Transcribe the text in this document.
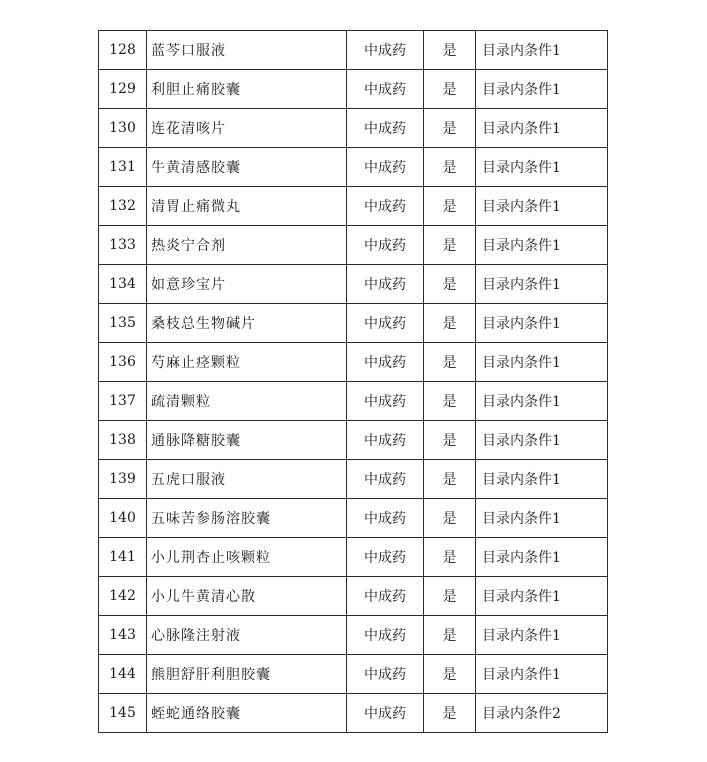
128	蓝芩口服液	中成药	是	目录内条件1
129	利胆止痛胶囊	中成药	是	目录内条件1
130	连花清咳片	中成药	是	目录内条件1
131	牛黄清感胶囊	中成药	是	目录内条件1
132	清胃止痛微丸	中成药	是	目录内条件1
133	热炎宁合剂	中成药	是	目录内条件1
134	如意珍宝片	中成药	是	目录内条件1
135	桑枝总生物碱片	中成药	是	目录内条件1
136	芍麻止痉颗粒	中成药	是	目录内条件1
137	疏清颗粒	中成药	是	目录内条件1
138	通脉降糖胶囊	中成药	是	目录内条件1
139	五虎口服液	中成药	是	目录内条件1
140	五味苦参肠溶胶囊	中成药	是	目录内条件1
141	小儿荆杏止咳颗粒	中成药	是	目录内条件1
142	小儿牛黄清心散	中成药	是	目录内条件1
143	心脉隆注射液	中成药	是	目录内条件1
144	熊胆舒肝利胆胶囊	中成药	是	目录内条件1
145	蛭蛇通络胶囊	中成药	是	目录内条件2
